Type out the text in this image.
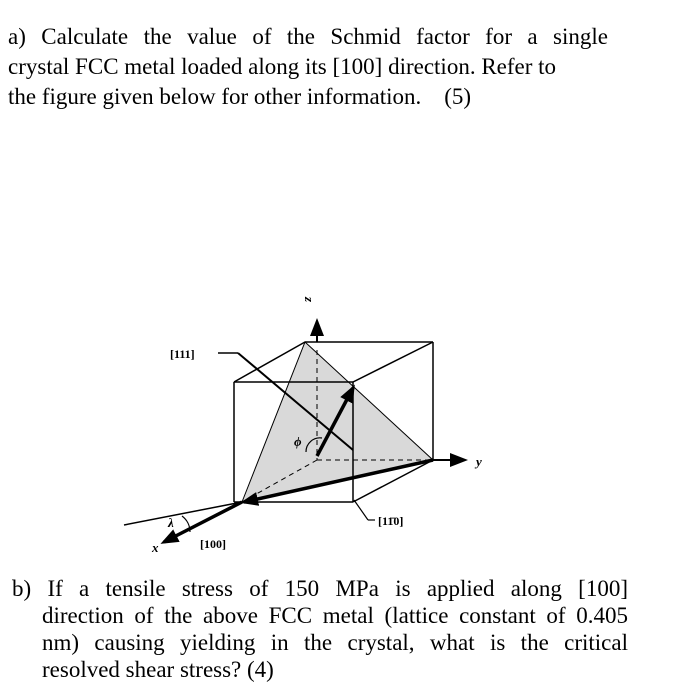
a) Calculate the value of the Schmid factor for a single
crystal FCC metal loaded along its [100] direction. Refer to
the figure given below for other information. (5)
z
y
x
[111]
[100]
[11̄0]
ϕ
λ
b) If a tensile stress of 150 MPa is applied along [100]
direction of the above FCC metal (lattice constant of 0.405
nm) causing yielding in the crystal, what is the critical
resolved shear stress? (4)
